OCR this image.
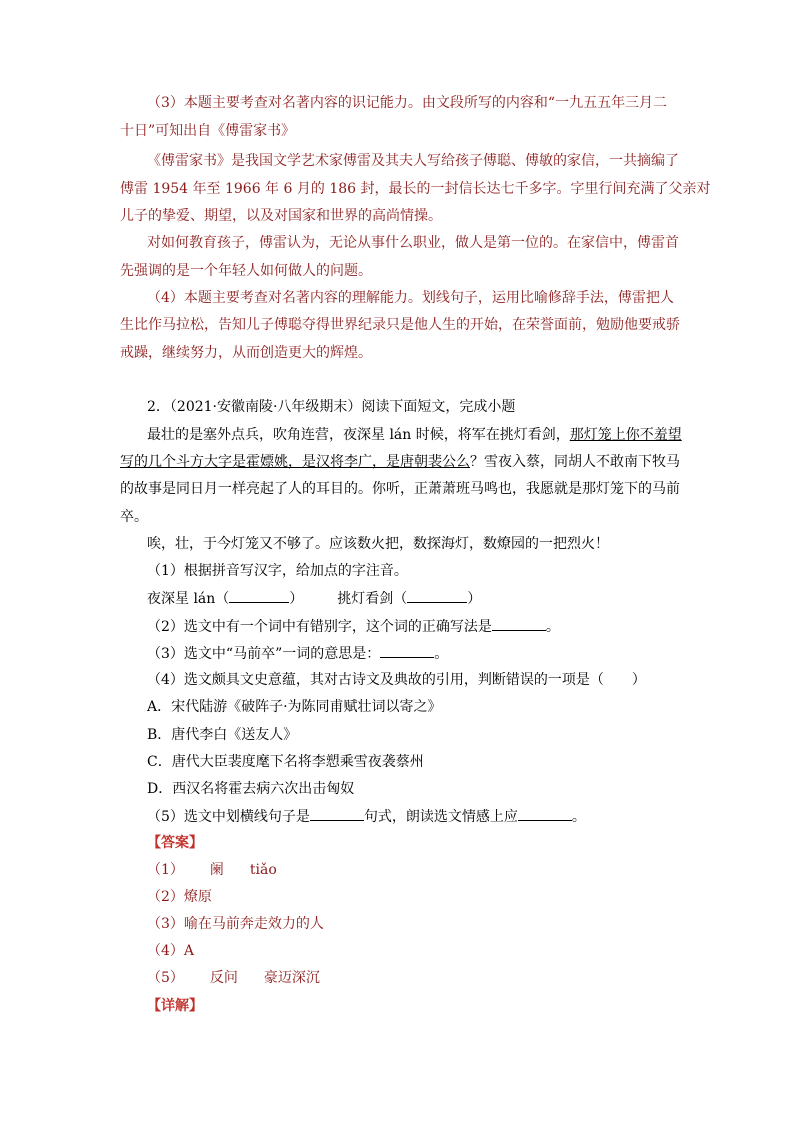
（3）本题主要考查对名著内容的识记能力。由文段所写的内容和“一九五五年三月二
十日”可知出自《傅雷家书》
《傅雷家书》是我国文学艺术家傅雷及其夫人写给孩子傅聪、傅敏的家信，一共摘编了
傅雷 1954 年至 1966 年 6 月的 186 封，最长的一封信长达七千多字。字里行间充满了父亲对
儿子的挚爱、期望，以及对国家和世界的高尚情操。
对如何教育孩子，傅雷认为，无论从事什么职业，做人是第一位的。在家信中，傅雷首
先强调的是一个年轻人如何做人的问题。
（4）本题主要考查对名著内容的理解能力。划线句子，运用比喻修辞手法，傅雷把人
生比作马拉松，告知儿子傅聪夺得世界纪录只是他人生的开始，在荣誉面前，勉励他要戒骄
戒躁，继续努力，从而创造更大的辉煌。
2．（2021·安徽南陵·八年级期末）阅读下面短文，完成小题
最壮的是塞外点兵，吹角连营，夜深星 lán 时候，将军在挑灯看剑，那灯笼上你不羞望
写的几个斗方大字是霍嫖姚，是汉将李广，是唐朝裴公么？雪夜入蔡，同胡人不敢南下牧马
的故事是同日月一样亮起了人的耳目的。你听，正萧萧班马鸣也，我愿就是那灯笼下的马前
卒。
唉，壮，于今灯笼又不够了。应该数火把，数探海灯，数燎园的一把烈火！
（1）根据拼音写汉字，给加点的字注音。
夜深星 lán（	） 挑灯看剑（	）
（2）选文中有一个词中有错别字，这个词的正确写法是	。
（3）选文中“马前卒”一词的意思是：	。
（4）选文颇具文史意蕴，其对古诗文及典故的引用，判断错误的一项是（　　）
A．宋代陆游《破阵子·为陈同甫赋壮词以寄之》
B．唐代李白《送友人》
C．唐代大臣裴度麾下名将李愬乘雪夜袭蔡州
D．西汉名将霍去病六次出击匈奴
（5）选文中划横线句子是	句式，朗读选文情感上应	。
【答案】
（1） 阑 tiǎo
（2）燎原
（3）喻在马前奔走效力的人
（4）A
（5） 反问 豪迈深沉
【详解】
